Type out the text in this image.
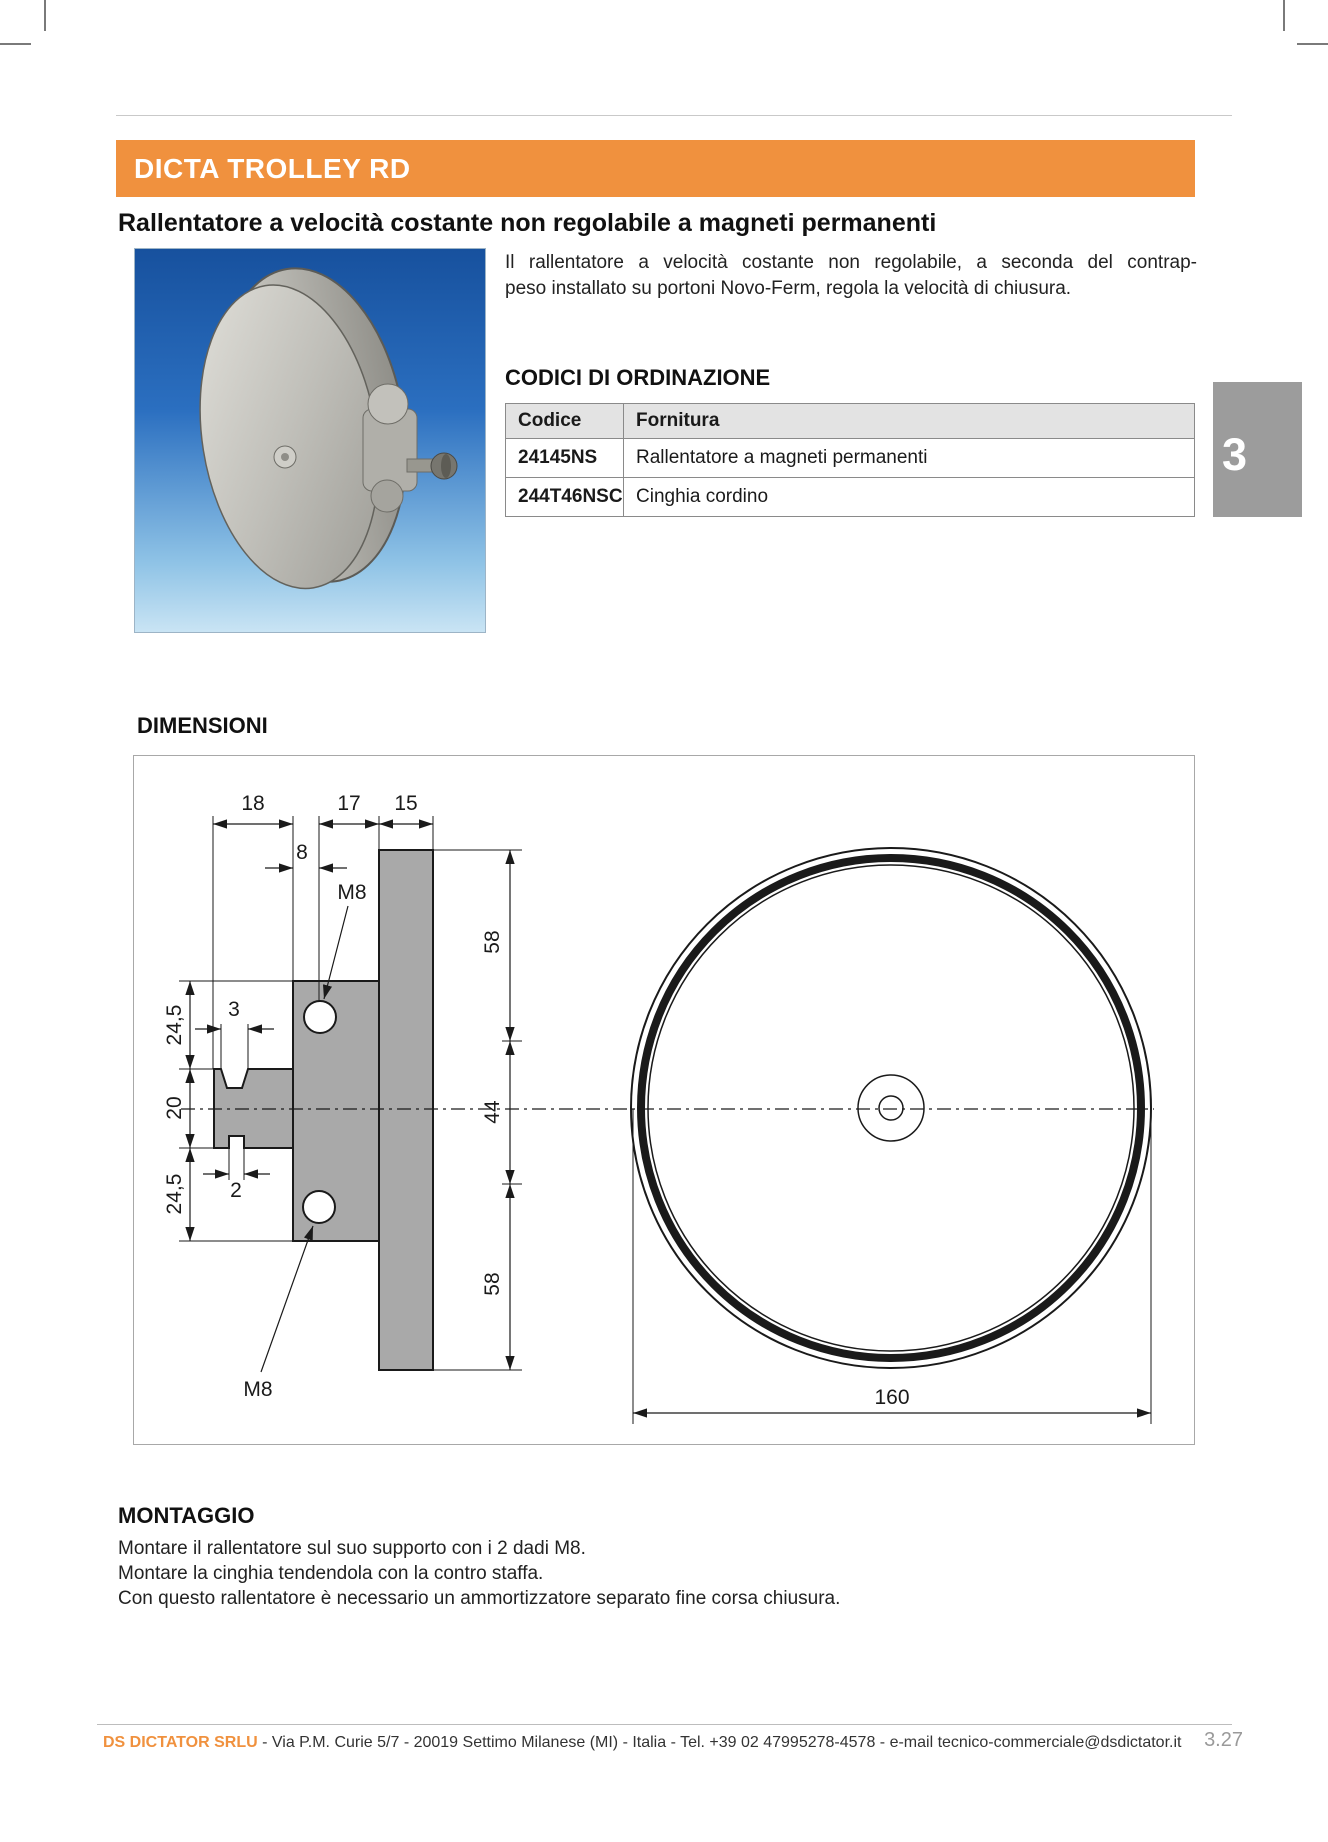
DICTA TROLLEY RD
Rallentatore a velocità costante non regolabile a magneti permanenti
Il rallentatore a velocità costante non regolabile, a seconda del contrap-
peso installato su portoni Novo-Ferm, regola la velocità di chiusura.
CODICI DI ORDINAZIONE
Codice	Fornitura
24145NS	Rallentatore a magneti permanenti
244T46NSC	Cinghia cordino
3
DIMENSIONI
18	17 15
8
M8
24,5
20
24,5
3
2
58
44
58
M8	160
MONTAGGIO
Montare il rallentatore sul suo supporto con i 2 dadi M8.
Montare la cinghia tendendola con la contro staffa.
Con questo rallentatore è necessario un ammortizzatore separato fine corsa chiusura.
DS DICTATOR SRLU - Via P.M. Curie 5/7 - 20019 Settimo Milanese (MI) - Italia - Tel. +39 02 47995278-4578 - e-mail tecnico-commerciale@dsdictator.it 3.27
